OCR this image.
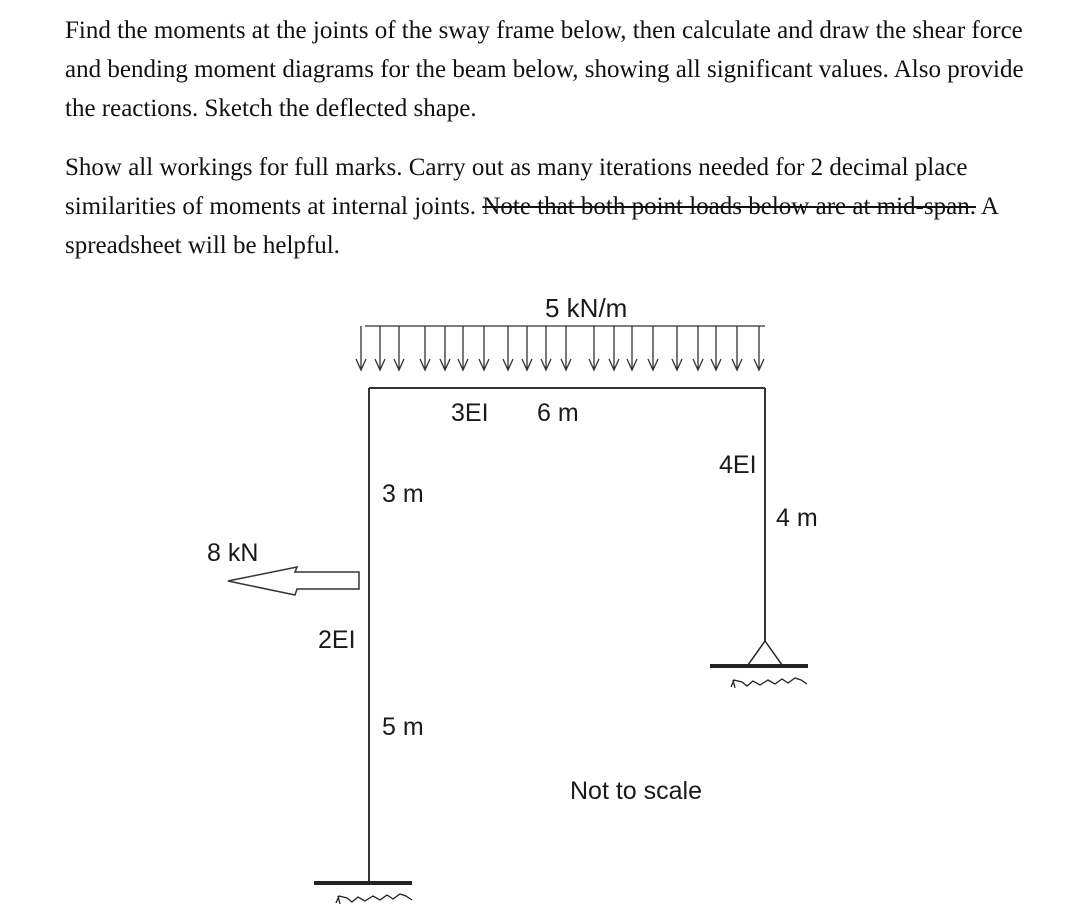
Find the moments at the joints of the sway frame below, then calculate and draw the shear force and bending moment diagrams for the beam below, showing all significant values. Also provide the reactions. Sketch the deflected shape.

Show all workings for full marks. Carry out as many iterations needed for 2 decimal place similarities of moments at internal joints. Note that both point loads below are at mid-span. A spreadsheet will be helpful.

5 kN/m
3EI 6 m
4EI
4 m
3 m
5 m
2EI
8 kN
Not to scale
